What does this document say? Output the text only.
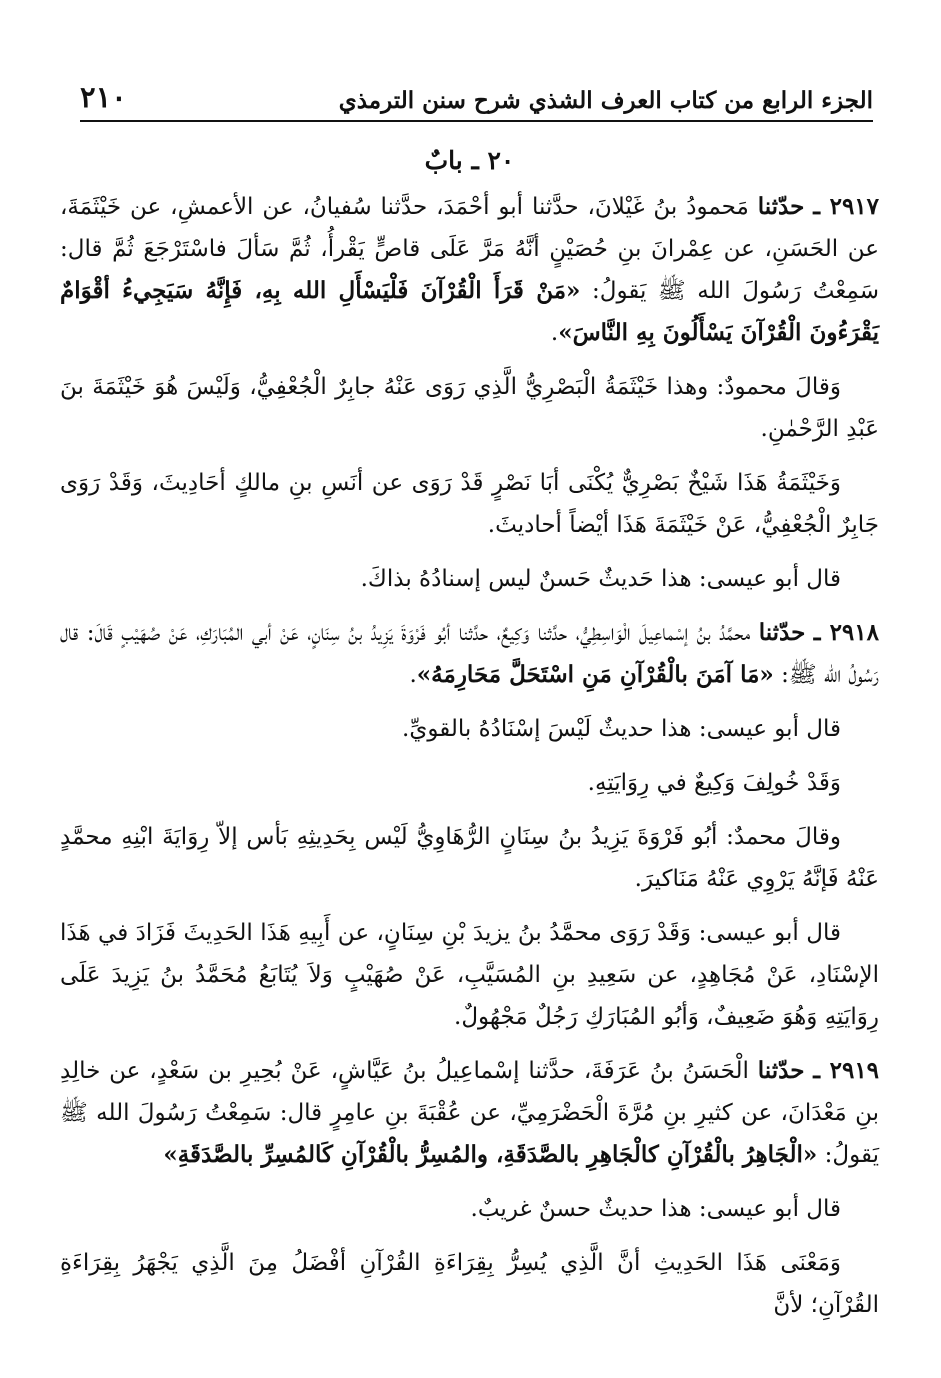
٢١٠	الجزء الرابع من كتاب العرف الشذي شرح سنن الترمذي
٢٠ ـ بابٌ

٢٩١٧ ـ حدّثنا مَحمودُ بنُ غَيْلانَ، حدَّثنا أبو أحْمَدَ، حدَّثنا سُفيانُ، عن الأعمشِ، عن خَيْثَمَةَ، عن الحَسَنِ، عن عِمْرانَ بنِ حُصَيْنٍ أنَّهُ مَرَّ عَلَى قاصٍّ يَقْرأُ، ثُمَّ سَألَ فاسْتَرْجَعَ ثُمَّ قال: سَمِعْتُ رَسُولَ الله ﷺ يَقولُ: «مَنْ قَرَأَ الْقُرْآنَ فَلْيَسْأَلِ الله بِهِ، فَإِنَّهُ سَيَجِيءُ أقْوَامٌ يَقْرَءُونَ الْقُرْآنَ يَسْأَلُونَ بِهِ النَّاسَ».

وَقالَ محمودٌ: وهذا خَيْثَمَةُ الْبَصْرِيُّ الَّذِي رَوَى عَنْهُ جابِرٌ الْجُعْفِيُّ، وَلَيْسَ هُوَ خَيْثَمَةَ بنَ عَبْدِ الرَّحْمٰنِ.

وَخَيْثَمَةُ هَذَا شَيْخٌ بَصْرِيٌّ يُكْنَى أبَا نَصْرٍ قَدْ رَوَى عن أنَسِ بنِ مالكٍ أحَادِيثَ، وَقَدْ رَوَى جَابِرٌ الْجُعْفِيُّ، عَنْ خَيْثَمَةَ هَذَا أيْضاً أحاديثَ.

قال أبو عيسى: هذا حَديثٌ حَسنٌ ليس إسنادُهُ بذاكَ.

٢٩١٨ ـ حدّثنا محمَّدُ بنُ إسْماعِيلَ الْوَاسِطِيُّ، حدَّثنا وَكِيعٌ، حدَّثنا أبُو فَرْوَةَ يَزِيدُ بنُ سِنَانٍ، عَنْ أبي المُبَارَكِ، عَنْ صُهَيْبٍ قَالَ: قال رَسُولُ الله ﷺ: «مَا آمَنَ بالْقُرْآنِ مَنِ اسْتَحَلَّ مَحَارِمَهُ».

قال أبو عيسى: هذا حديثٌ لَيْسَ إسْنَادُهُ بالقويِّ.

وَقَدْ خُولِفَ وَكِيعٌ في رِوَايَتِهِ.

وقالَ محمدٌ: أبُو فَرْوَةَ يَزِيدُ بنُ سِنَانٍ الرُّهَاوِيُّ لَيْس بِحَدِيثِهِ بَأس إلاّ رِوَايَةَ ابْنِهِ محمَّدٍ عَنْهُ فَإنَّهُ يَرْوِي عَنْهُ مَنَاكيرَ.

قال أبو عيسى: وَقَدْ رَوَى محمَّدُ بنُ يزيدَ بْنِ سِنَانٍ، عن أَبِيهِ هَذَا الحَدِيثَ فَزَادَ في هَذَا الإسْنَادِ، عَنْ مُجَاهِدٍ، عن سَعِيدِ بنِ المُسَيَّبِ، عَنْ صُهَيْبٍ وَلاَ يُتَابَعُ مُحَمَّدُ بنُ يَزِيدَ عَلَى رِوَايَتِهِ وَهُوَ ضَعِيفٌ، وَأبُو المُبَارَكِ رَجُلٌ مَجْهُولٌ.

٢٩١٩ ـ حدّثنا الْحَسَنُ بنُ عَرَفَةَ، حدَّثنا إسْماعِيلُ بنُ عَيَّاشٍ، عَنْ بُحِيرِ بن سَعْدٍ، عن خالِدِ بنِ مَعْدَانَ، عن كثيرِ بنِ مُرَّةَ الْحَضْرَمِيِّ، عن عُقْبَةَ بنِ عامِرٍ قال: سَمِعْتُ رَسُولَ الله ﷺ يَقولُ: «الْجَاهِرُ بالْقُرْآنِ كالْجَاهِرِ بالصَّدَقَةِ، والمُسِرُّ بالْقُرْآنِ كَالمُسِرِّ بالصَّدَقَةِ»

قال أبو عيسى: هذا حديثٌ حسنٌ غريبٌ.

وَمَعْنَى هَذَا الحَدِيثِ أنَّ الَّذِي يُسِرُّ بِقِرَاءَةِ القُرْآنِ أفْضَلُ مِنَ الَّذِي يَجْهَرُ بِقِرَاءَةِ القُرْآنِ؛ لأنَّ
